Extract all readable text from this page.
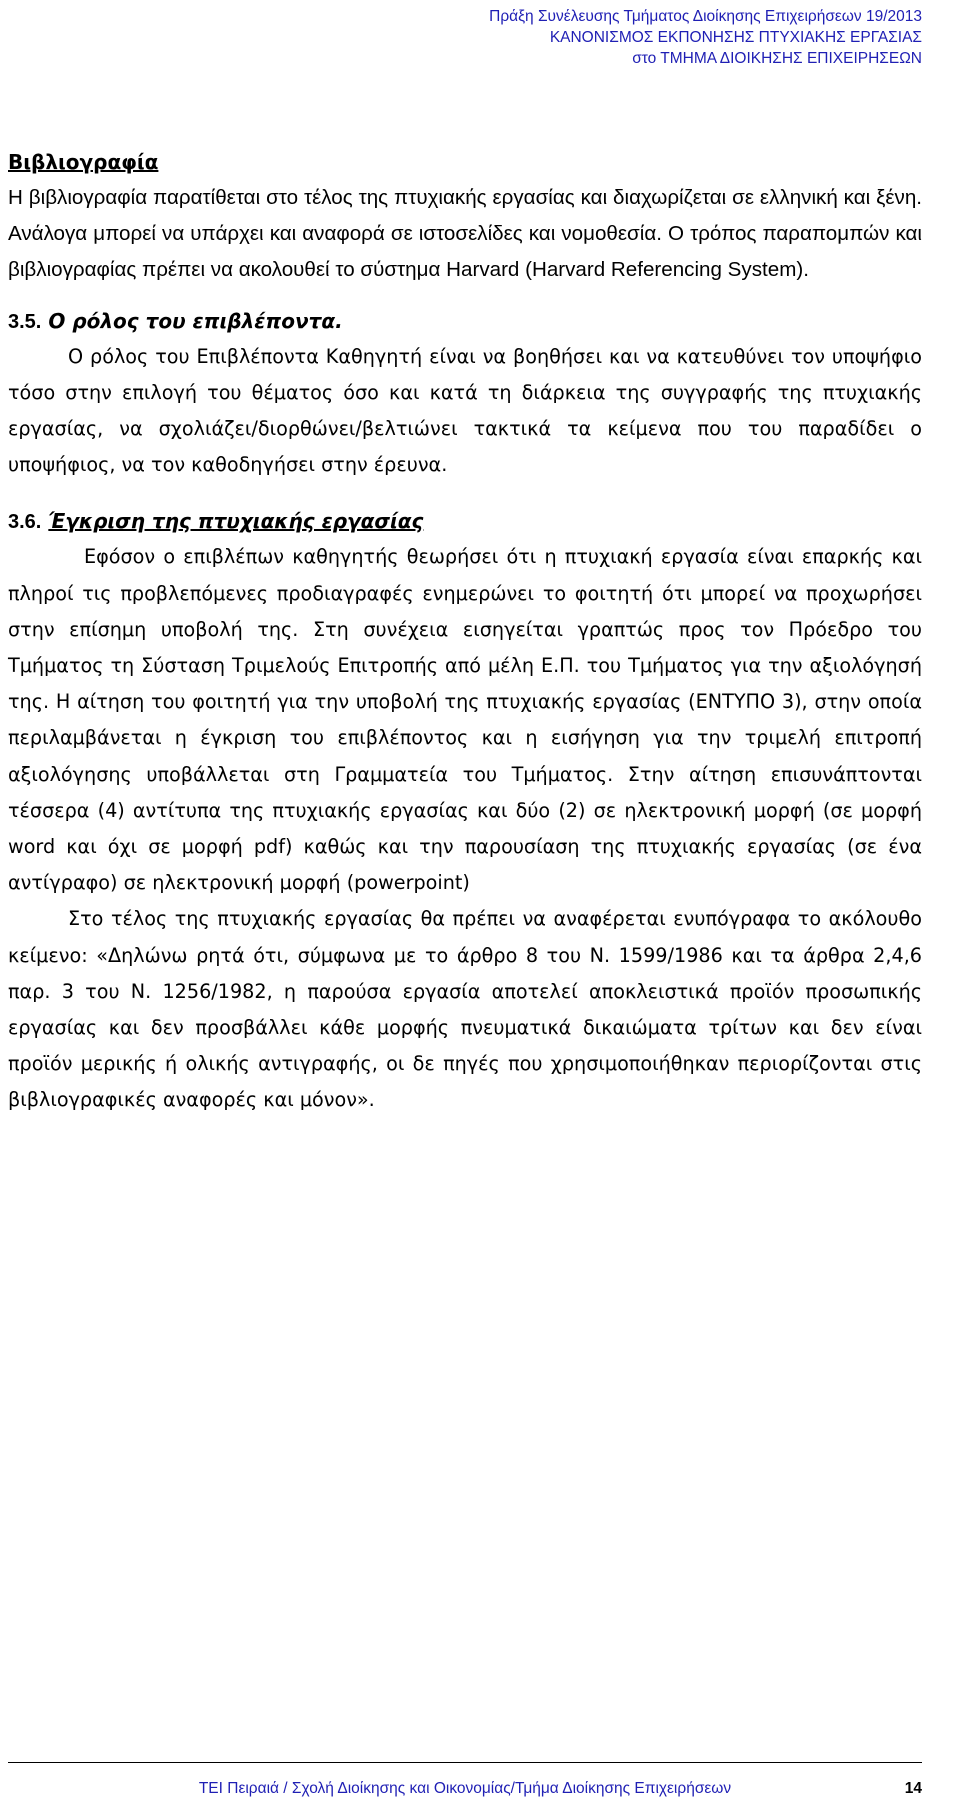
Πράξη Συνέλευσης Τμήματος Διοίκησης Επιχειρήσεων 19/2013
ΚΑΝΟΝΙΣΜΟΣ ΕΚΠΟΝΗΣΗΣ ΠΤΥΧΙΑΚΗΣ ΕΡΓΑΣΙΑΣ
στο ΤΜΗΜΑ ΔΙΟΙΚΗΣΗΣ ΕΠΙΧΕΙΡΗΣΕΩΝ
Βιβλιογραφία

Η βιβλιογραφία παρατίθεται στο τέλος της πτυχιακής εργασίας και διαχωρίζεται σε ελληνική και ξένη. Ανάλογα μπορεί να υπάρχει και αναφορά σε ιστοσελίδες και νομοθεσία. Ο τρόπος παραπομπών και βιβλιογραφίας πρέπει να ακολουθεί το σύστημα Harvard (Harvard Referencing System).

3.5. Ο ρόλος του επιβλέποντα.

Ο ρόλος του Επιβλέποντα Καθηγητή είναι να βοηθήσει και να κατευθύνει τον υποψήφιο τόσο στην επιλογή του θέματος όσο και κατά τη διάρκεια της συγγραφής της πτυχιακής εργασίας, να σχολιάζει/διορθώνει/βελτιώνει τακτικά τα κείμενα που του παραδίδει ο υποψήφιος, να τον καθοδηγήσει στην έρευνα.

3.6. Έγκριση της πτυχιακής εργασίας

Εφόσον ο επιβλέπων καθηγητής θεωρήσει ότι η πτυχιακή εργασία είναι επαρκής και πληροί τις προβλεπόμενες προδιαγραφές ενημερώνει το φοιτητή ότι μπορεί να προχωρήσει στην επίσημη υποβολή της. Στη συνέχεια εισηγείται γραπτώς προς τον Πρόεδρο του Τμήματος τη Σύσταση Τριμελούς Επιτροπής από μέλη Ε.Π. του Τμήματος για την αξιολόγησή της. Η αίτηση του φοιτητή για την υποβολή της πτυχιακής εργασίας (ΕΝΤΥΠΟ 3), στην οποία περιλαμβάνεται η έγκριση του επιβλέποντος και η εισήγηση για την τριμελή επιτροπή αξιολόγησης υποβάλλεται στη Γραμματεία του Τμήματος. Στην αίτηση επισυνάπτονται τέσσερα (4) αντίτυπα της πτυχιακής εργασίας και δύο (2) σε ηλεκτρονική μορφή (σε μορφή word και όχι σε μορφή pdf) καθώς και την παρουσίαση της πτυχιακής εργασίας (σε ένα αντίγραφο) σε ηλεκτρονική μορφή (powerpoint)

Στο τέλος της πτυχιακής εργασίας θα πρέπει να αναφέρεται ενυπόγραφα το ακόλουθο κείμενο: «Δηλώνω ρητά ότι, σύμφωνα με το άρθρο 8 του Ν. 1599/1986 και τα άρθρα 2,4,6 παρ. 3 του Ν. 1256/1982, η παρούσα εργασία αποτελεί αποκλειστικά προϊόν προσωπικής εργασίας και δεν προσβάλλει κάθε μορφής πνευματικά δικαιώματα τρίτων και δεν είναι προϊόν μερικής ή ολικής αντιγραφής, οι δε πηγές που χρησιμοποιήθηκαν περιορίζονται στις βιβλιογραφικές αναφορές και μόνον».

ΤΕΙ Πειραιά / Σχολή Διοίκησης και Οικονομίας/Τμήμα Διοίκησης Επιχειρήσεων	14
